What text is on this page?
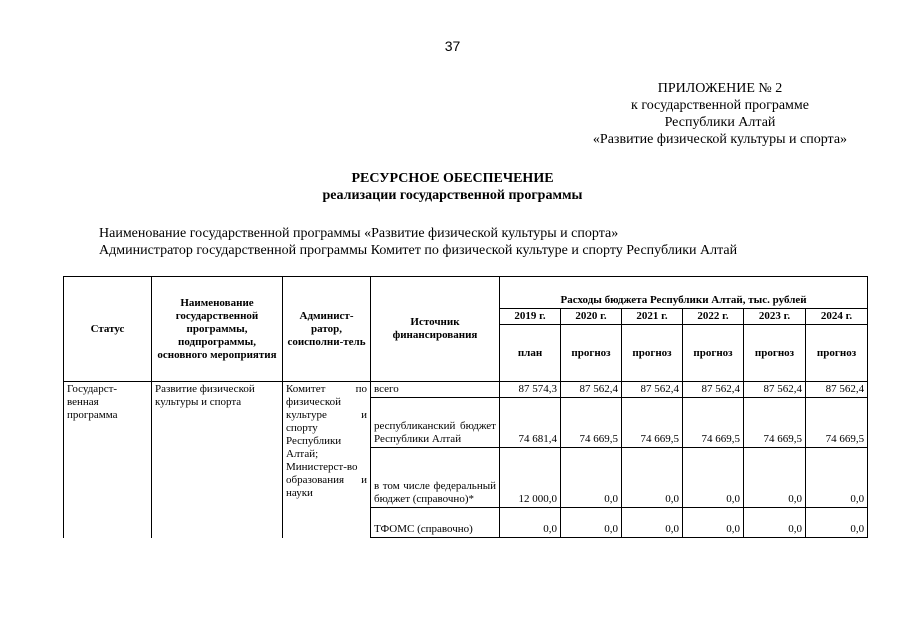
37
ПРИЛОЖЕНИЕ № 2
к государственной программе
Республики Алтай
«Развитие физической культуры и спорта»
РЕСУРСНОЕ ОБЕСПЕЧЕНИЕ
реализации государственной программы
Наименование государственной программы «Развитие физической культуры и спорта»
Администратор государственной программы Комитет по физической культуре и спорту Республики Алтай
Статус	Наименование государственной программы, подпрограммы, основного мероприятия	Админист-ратор, соисполни-тель	Источник финансирования	Расходы бюджета Республики Алтай, тыс. рублей					
				2019 г.	2020 г.	2021 г.	2022 г.	2023 г.	2024 г.
				план	прогноз	прогноз	прогноз	прогноз	прогноз
Государст-венная программа	Развитие физической культуры и спорта	Комитет по физической культуре и спорту Республики Алтай; Министерст-во образования и науки	всего	87 574,3	87 562,4	87 562,4	87 562,4	87 562,4	87 562,4
			республиканский бюджет Республики Алтай	74 681,4	74 669,5	74 669,5	74 669,5	74 669,5	74 669,5
			в том числе федеральный бюджет (справочно)*	12 000,0	0,0	0,0	0,0	0,0	0,0
			ТФОМС (справочно)	0,0	0,0	0,0	0,0	0,0	0,0
